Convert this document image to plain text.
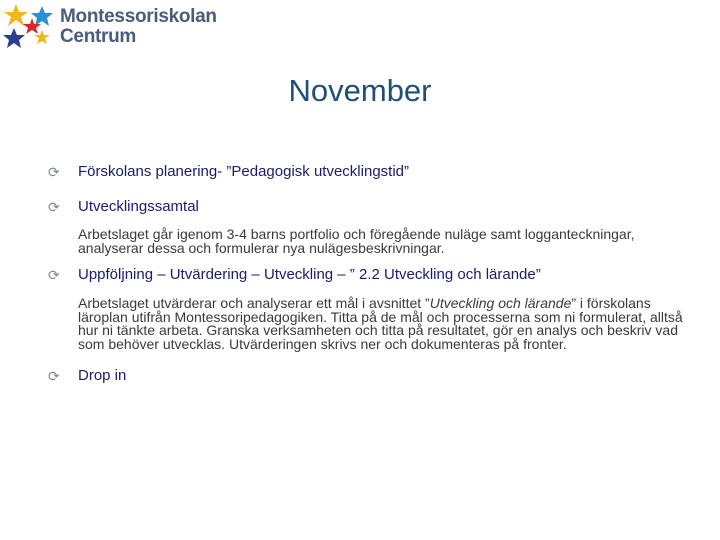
Montessoriskolan
Centrum
November
⟳	Förskolans planering- ”Pedagogisk utvecklingstid”
⟳	Utvecklingssamtal
Arbetslaget går igenom 3-4 barns portfolio och föregående nuläge samt logganteckningar, analyserar dessa och formulerar nya nulägesbeskrivningar.
⟳	Uppföljning – Utvärdering – Utveckling – ” 2.2 Utveckling och lärande”
Arbetslaget utvärderar och analyserar ett mål i avsnittet ”Utveckling och lärande” i förskolans läroplan utifrån Montessoripedagogiken. Titta på de mål och processerna som ni formulerat, alltså hur ni tänkte arbeta. Granska verksamheten och titta på resultatet, gör en analys och beskriv vad som behöver utvecklas. Utvärderingen skrivs ner och dokumenteras på fronter.
⟳	Drop in
